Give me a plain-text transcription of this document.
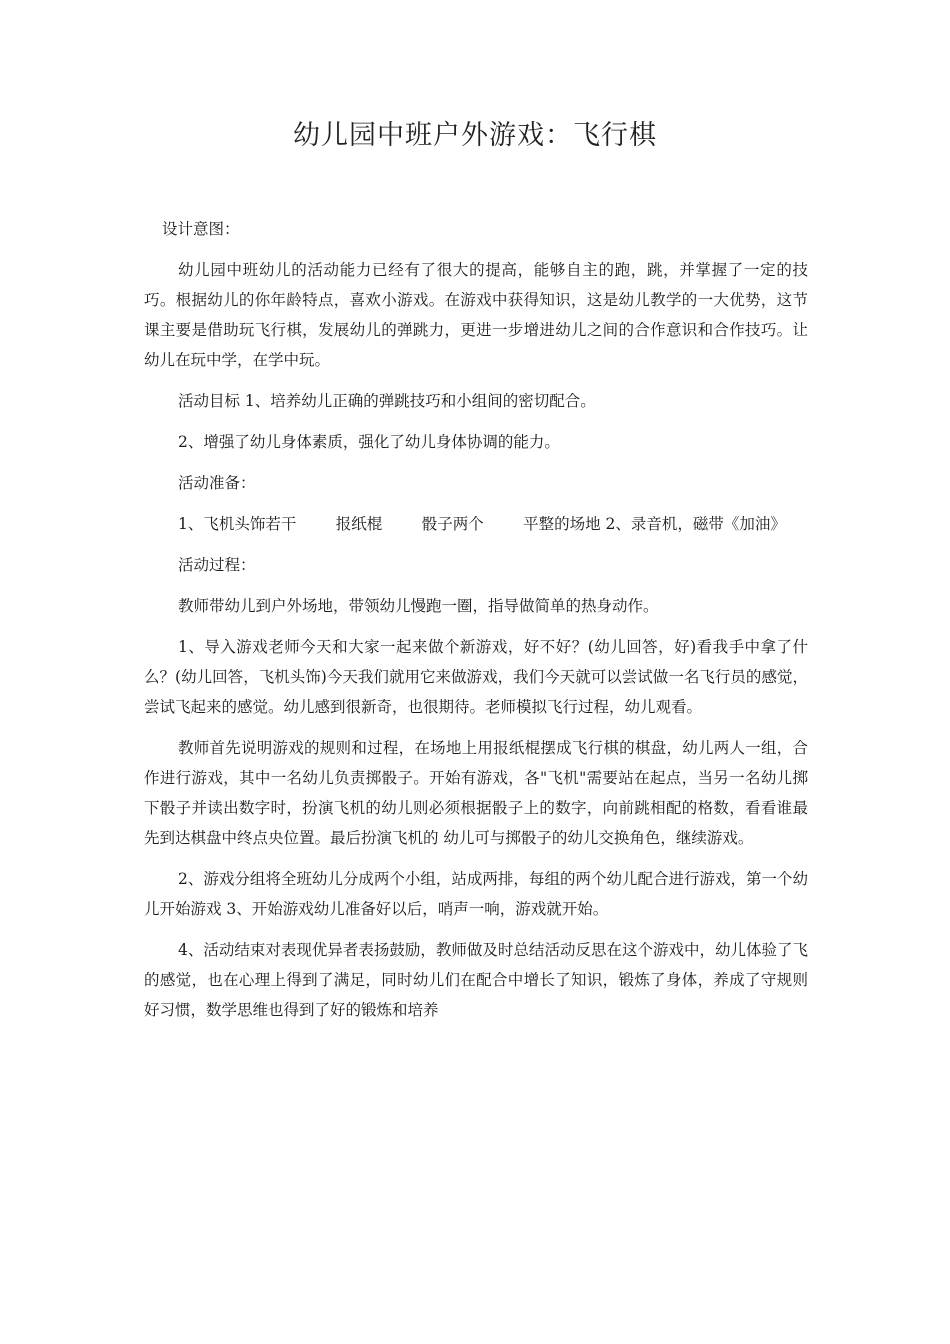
幼儿园中班户外游戏：飞行棋

设计意图：

幼儿园中班幼儿的活动能力已经有了很大的提高，能够自主的跑，跳，并掌握了一定的技巧。根据幼儿的你年龄特点，喜欢小游戏。在游戏中获得知识，这是幼儿教学的一大优势，这节课主要是借助玩飞行棋，发展幼儿的弹跳力，更进一步增进幼儿之间的合作意识和合作技巧。让幼儿在玩中学，在学中玩。

活动目标 1、培养幼儿正确的弹跳技巧和小组间的密切配合。

2、增强了幼儿身体素质，强化了幼儿身体协调的能力。

活动准备：

1、飞机头饰若干        报纸棍        骰子两个        平整的场地 2、录音机，磁带《加油》

活动过程：

教师带幼儿到户外场地，带领幼儿慢跑一圈，指导做简单的热身动作。

1、导入游戏老师今天和大家一起来做个新游戏，好不好？(幼儿回答，好)看我手中拿了什么？(幼儿回答，飞机头饰)今天我们就用它来做游戏，我们今天就可以尝试做一名飞行员的感觉，尝试飞起来的感觉。幼儿感到很新奇，也很期待。老师模拟飞行过程，幼儿观看。

教师首先说明游戏的规则和过程，在场地上用报纸棍摆成飞行棋的棋盘，幼儿两人一组，合作进行游戏，其中一名幼儿负责掷骰子。开始有游戏，各"飞机"需要站在起点，当另一名幼儿掷下骰子并读出数字时，扮演飞机的幼儿则必须根据骰子上的数字，向前跳相配的格数，看看谁最先到达棋盘中终点央位置。最后扮演飞机的 幼儿可与掷骰子的幼儿交换角色，继续游戏。

2、游戏分组将全班幼儿分成两个小组，站成两排，每组的两个幼儿配合进行游戏，第一个幼儿开始游戏 3、开始游戏幼儿准备好以后，哨声一响，游戏就开始。

4、活动结束对表现优异者表扬鼓励，教师做及时总结活动反思在这个游戏中，幼儿体验了飞的感觉，也在心理上得到了满足，同时幼儿们在配合中增长了知识，锻炼了身体，养成了守规则好习惯，数学思维也得到了好的锻炼和培养
